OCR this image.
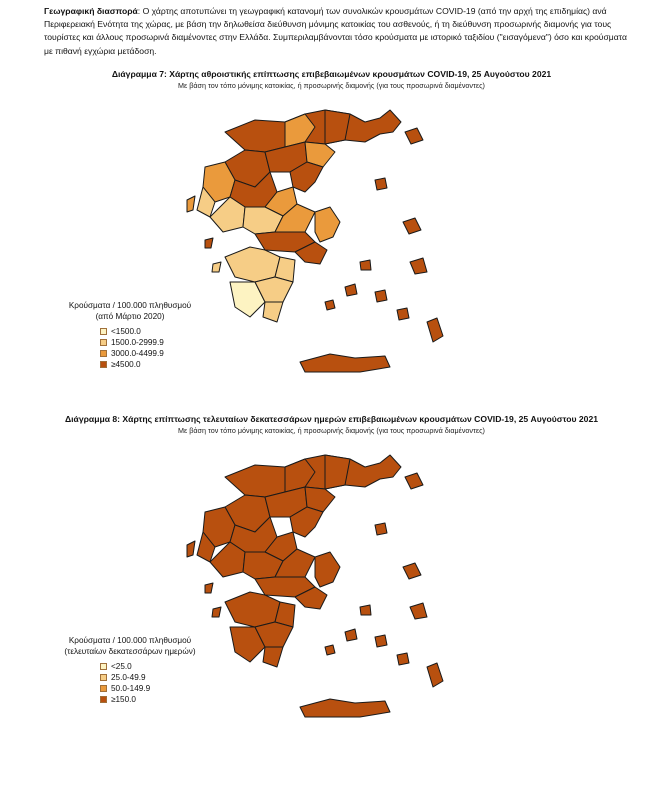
Γεωγραφική διασπορά: Ο χάρτης αποτυπώνει τη γεωγραφική κατανομή των συνολικών κρουσμάτων COVID-19 (από την αρχή της επιδημίας) ανά Περιφερειακή Ενότητα της χώρας, με βάση την δηλωθείσα διεύθυνση μόνιμης κατοικίας του ασθενούς, ή τη διεύθυνση προσωρινής διαμονής για τους τουρίστες και άλλους προσωρινά διαμένοντες στην Ελλάδα. Συμπεριλαμβάνονται τόσο κρούσματα με ιστορικό ταξιδίου ("εισαγόμενα") όσο και κρούσματα με πιθανή εγχώρια μετάδοση.
Διάγραμμα 7: Χάρτης αθροιστικής επίπτωσης επιβεβαιωμένων κρουσμάτων COVID-19, 25 Αυγούστου 2021
Με βάση τον τόπο μόνιμης κατοικίας, ή προσωρινής διαμονής (για τους προσωρινά διαμένοντες)
Κρούσματα / 100.000 πληθυσμού
(από Μάρτιο 2020)
<1500.0
1500.0-2999.9
3000.0-4499.9
≥4500.0
Διάγραμμα 8: Χάρτης επίπτωσης τελευταίων δεκατεσσάρων ημερών επιβεβαιωμένων κρουσμάτων COVID-19, 25 Αυγούστου 2021
Με βάση τον τόπο μόνιμης κατοικίας, ή προσωρινής διαμονής (για τους προσωρινά διαμένοντες)
Κρούσματα / 100.000 πληθυσμού
(τελευταίων δεκατεσσάρων ημερών)
<25.0
25.0-49.9
50.0-149.9
≥150.0
